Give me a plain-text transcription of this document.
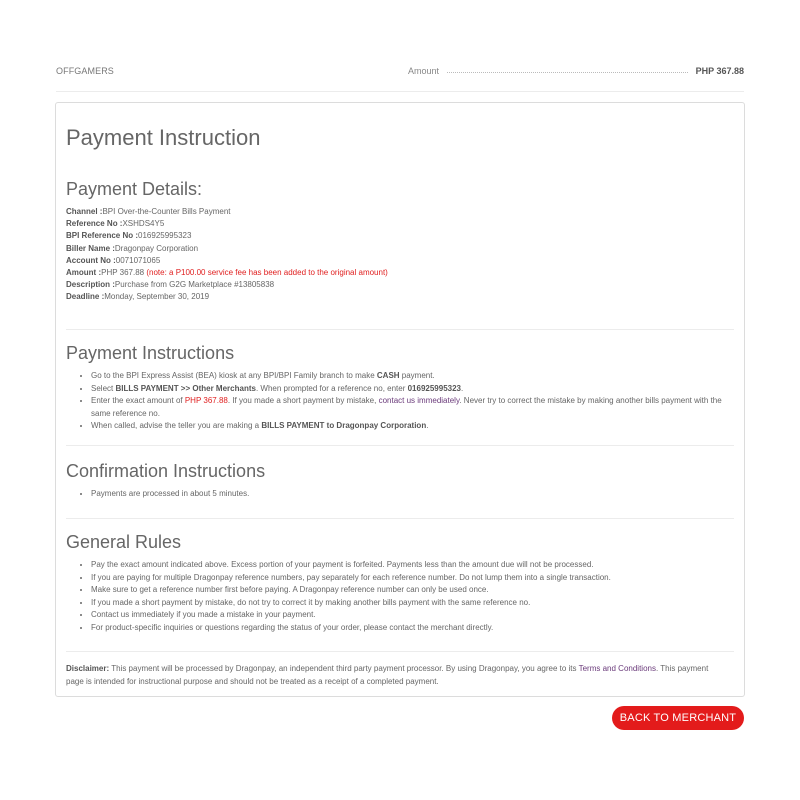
OFFGAMERS	Amount	PHP 367.88
Payment Instruction
Payment Details:
Channel :BPI Over-the-Counter Bills Payment
Reference No :XSHDS4Y5
BPI Reference No :016925995323
Biller Name :Dragonpay Corporation
Account No :0071071065
Amount :PHP 367.88 (note: a P100.00 service fee has been added to the original amount)
Description :Purchase from G2G Marketplace #13805838
Deadline :Monday, September 30, 2019
Payment Instructions
• Go to the BPI Express Assist (BEA) kiosk at any BPI/BPI Family branch to make CASH payment.
• Select BILLS PAYMENT >> Other Merchants. When prompted for a reference no, enter 016925995323.
• Enter the exact amount of PHP 367.88. If you made a short payment by mistake, contact us immediately. Never try to correct the mistake by making another bills payment with the same reference no.
• When called, advise the teller you are making a BILLS PAYMENT to Dragonpay Corporation.
Confirmation Instructions
• Payments are processed in about 5 minutes.
General Rules
• Pay the exact amount indicated above. Excess portion of your payment is forfeited. Payments less than the amount due will not be processed.
• If you are paying for multiple Dragonpay reference numbers, pay separately for each reference number. Do not lump them into a single transaction.
• Make sure to get a reference number first before paying. A Dragonpay reference number can only be used once.
• If you made a short payment by mistake, do not try to correct it by making another bills payment with the same reference no.
• Contact us immediately if you made a mistake in your payment.
• For product-specific inquiries or questions regarding the status of your order, please contact the merchant directly.
Disclaimer: This payment will be processed by Dragonpay, an independent third party payment processor. By using Dragonpay, you agree to its Terms and Conditions. This payment page is intended for instructional purpose and should not be treated as a receipt of a completed payment.
BACK TO MERCHANT
